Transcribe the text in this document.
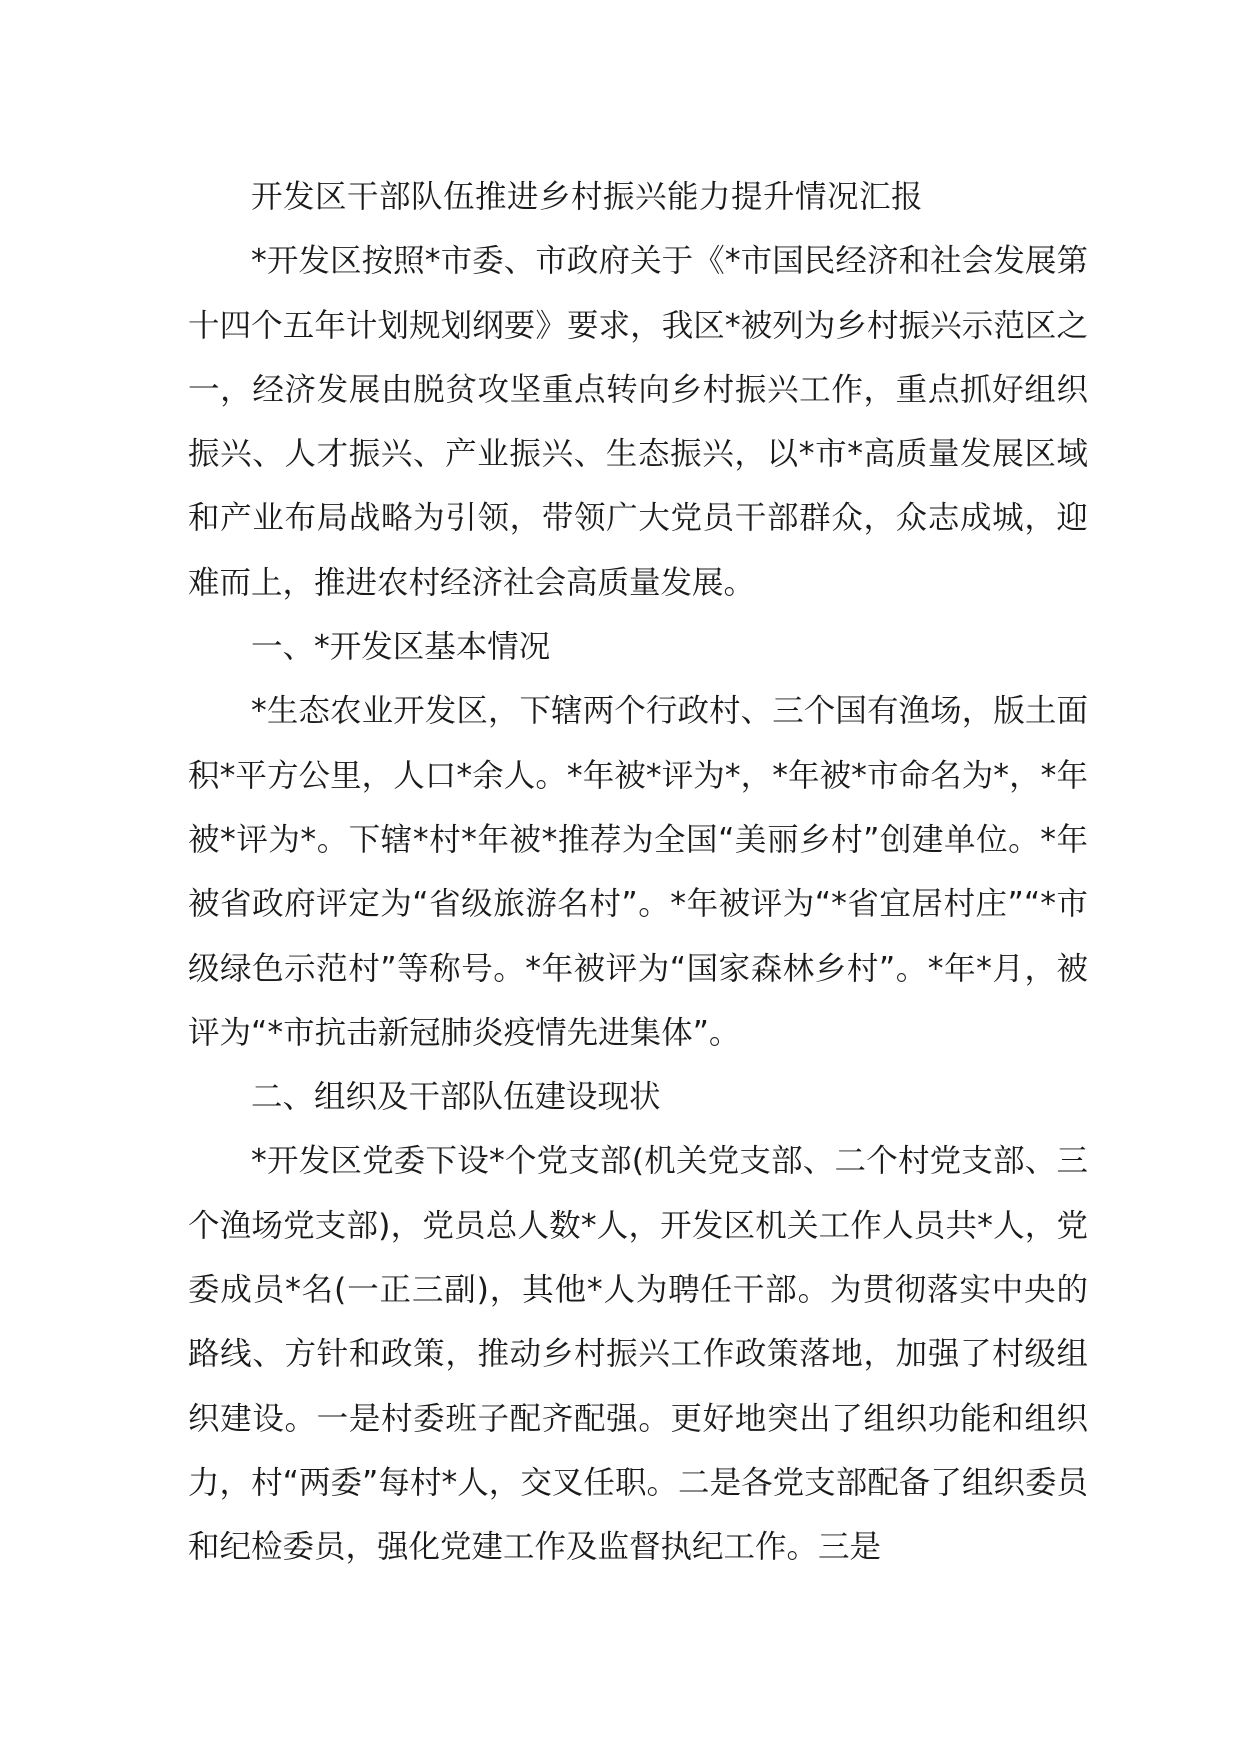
开发区干部队伍推进乡村振兴能力提升情况汇报

*开发区按照*市委、市政府关于《*市国民经济和社会发展第十四个五年计划规划纲要》要求，我区*被列为乡村振兴示范区之一，经济发展由脱贫攻坚重点转向乡村振兴工作，重点抓好组织振兴、人才振兴、产业振兴、生态振兴，以*市*高质量发展区域和产业布局战略为引领，带领广大党员干部群众，众志成城，迎难而上，推进农村经济社会高质量发展。

一、*开发区基本情况

*生态农业开发区，下辖两个行政村、三个国有渔场，版土面积*平方公里，人口*余人。*年被*评为*，*年被*市命名为*，*年被*评为*。下辖*村*年被*推荐为全国“美丽乡村”创建单位。*年被省政府评定为“省级旅游名村”。*年被评为“*省宜居村庄”“*市级绿色示范村”等称号。*年被评为“国家森林乡村”。*年*月，被评为“*市抗击新冠肺炎疫情先进集体”。

二、组织及干部队伍建设现状

*开发区党委下设*个党支部(机关党支部、二个村党支部、三个渔场党支部)，党员总人数*人，开发区机关工作人员共*人，党委成员*名(一正三副)，其他*人为聘任干部。为贯彻落实中央的路线、方针和政策，推动乡村振兴工作政策落地，加强了村级组织建设。一是村委班子配齐配强。更好地突出了组织功能和组织力，村“两委”每村*人，交叉任职。二是各党支部配备了组织委员和纪检委员，强化党建工作及监督执纪工作。三是
